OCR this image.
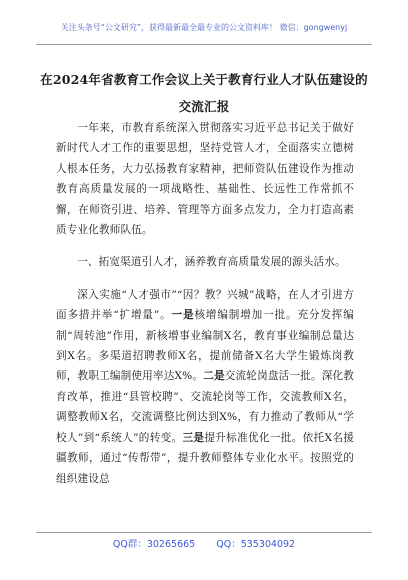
关注头条号“公文研究”，获得最新最全最专业的公文资料库！ 微信：gongwenyj
在2024年省教育工作会议上关于教育行业人才队伍建设的交流汇报

一年来，市教育系统深入贯彻落实习近平总书记关于做好新时代人才工作的重要思想，坚持党管人才，全面落实立德树人根本任务，大力弘扬教育家精神，把师资队伍建设作为推动教育高质量发展的一项战略性、基础性、长远性工作常抓不懈，在师资引进、培养、管理等方面多点发力，全力打造高素质专业化教师队伍。

一、拓宽渠道引人才，涵养教育高质量发展的源头活水。

深入实施“人才强市”“因？教？兴城”战略，在人才引进方面多措并举“扩增量”。一是核增编制增加一批。充分发挥编制“周转池”作用，新核增事业编制X名，教育事业编制总量达到X名。多渠道招聘教师X名，提前储备X名大学生锻炼岗教师，教职工编制使用率达X%。二是交流轮岗盘活一批。深化教育改革，推进“县管校聘”、交流轮岗等工作，交流教师X名，调整教师X名，交流调整比例达到X%，有力推动了教师从“学校人”到“系统人”的转变。三是提升标准优化一批。依托X名援疆教师，通过“传帮带”，提升教师整体专业化水平。按照党的组织建设总

QQ群：30265665 QQ：535304092
